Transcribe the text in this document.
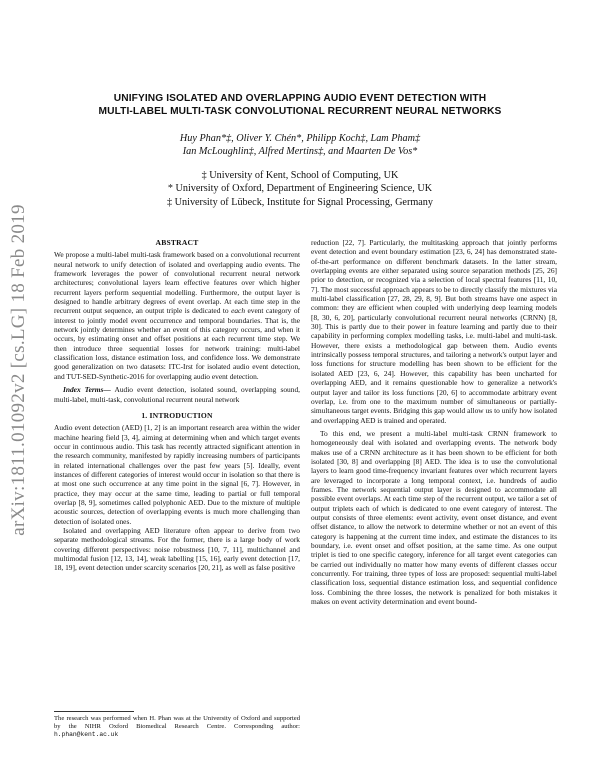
arXiv:1811.01092v2 [cs.LG] 18 Feb 2019
UNIFYING ISOLATED AND OVERLAPPING AUDIO EVENT DETECTION WITH
MULTI-LABEL MULTI-TASK CONVOLUTIONAL RECURRENT NEURAL NETWORKS
Huy Phan*‡, Oliver Y. Chén*, Philipp Koch‡, Lam Pham‡
Ian McLoughlin‡, Alfred Mertins‡, and Maarten De Vos*
‡ University of Kent, School of Computing, UK
* University of Oxford, Department of Engineering Science, UK
‡ University of Lübeck, Institute for Signal Processing, Germany
ABSTRACT

We propose a multi-label multi-task framework based on a convolutional recurrent neural network to unify detection of isolated and overlapping audio events. The framework leverages the power of convolutional recurrent neural network architectures; convolutional layers learn effective features over which higher recurrent layers perform sequential modelling. Furthermore, the output layer is designed to handle arbitrary degrees of event overlap. At each time step in the recurrent output sequence, an output triple is dedicated to each event category of interest to jointly model event occurrence and temporal boundaries. That is, the network jointly determines whether an event of this category occurs, and when it occurs, by estimating onset and offset positions at each recurrent time step. We then introduce three sequential losses for network training: multi-label classification loss, distance estimation loss, and confidence loss. We demonstrate good generalization on two datasets: ITC-Irst for isolated audio event detection, and TUT-SED-Synthetic-2016 for overlapping audio event detection.

Index Terms— Audio event detection, isolated sound, overlapping sound, multi-label, multi-task, convolutional recurrent neural network

1. INTRODUCTION

Audio event detection (AED) [1, 2] is an important research area within the wider machine hearing field [3, 4], aiming at determining when and which target events occur in continuous audio. This task has recently attracted significant attention in the research community, manifested by rapidly increasing numbers of participants in related international challenges over the past few years [5]. Ideally, event instances of different categories of interest would occur in isolation so that there is at most one such occurrence at any time point in the signal [6, 7]. However, in practice, they may occur at the same time, leading to partial or full temporal overlap [8, 9], sometimes called polyphonic AED. Due to the mixture of multiple acoustic sources, detection of overlapping events is much more challenging than detection of isolated ones.

Isolated and overlapping AED literature often appear to derive from two separate methodological streams. For the former, there is a large body of work covering different perspectives: noise robustness [10, 7, 11], multichannel and multimodal fusion [12, 13, 14], weak labelling [15, 16], early event detection [17, 18, 19], event detection under scarcity scenarios [20, 21], as well as false positive

The research was performed when H. Phan was at the University of Oxford and supported by the NIHR Oxford Biomedical Research Centre. Corresponding author: h.phan@kent.ac.uk

reduction [22, 7]. Particularly, the multitasking approach that jointly performs event detection and event boundary estimation [23, 6, 24] has demonstrated state-of-the-art performance on different benchmark datasets. In the latter stream, overlapping events are either separated using source separation methods [25, 26] prior to detection, or recognized via a selection of local spectral features [11, 10, 7]. The most successful approach appears to be to directly classify the mixtures via multi-label classification [27, 28, 29, 8, 9]. But both streams have one aspect in common: they are efficient when coupled with underlying deep learning models [8, 30, 6, 20], particularly convolutional recurrent neural networks (CRNN) [8, 30]. This is partly due to their power in feature learning and partly due to their capability in performing complex modelling tasks, i.e. multi-label and multi-task. However, there exists a methodological gap between them. Audio events intrinsically possess temporal structures, and tailoring a network's output layer and loss functions for structure modelling has been shown to be efficient for the isolated AED [23, 6, 24]. However, this capability has been uncharted for overlapping AED, and it remains questionable how to generalize a network's output layer and tailor its loss functions [20, 6] to accommodate arbitrary event overlap, i.e. from one to the maximum number of simultaneous or partially-simultaneous target events. Bridging this gap would allow us to unify how isolated and overlapping AED is trained and operated.

To this end, we present a multi-label multi-task CRNN framework to homogeneously deal with isolated and overlapping events. The network body makes use of a CRNN architecture as it has been shown to be efficient for both isolated [30, 8] and overlapping [8] AED. The idea is to use the convolutional layers to learn good time-frequency invariant features over which recurrent layers are leveraged to incorporate a long temporal context, i.e. hundreds of audio frames. The network sequential output layer is designed to accommodate all possible event overlaps. At each time step of the recurrent output, we tailor a set of output triplets each of which is dedicated to one event category of interest. The output consists of three elements: event activity, event onset distance, and event offset distance, to allow the network to determine whether or not an event of this category is happening at the current time index, and estimate the distances to its boundary, i.e. event onset and offset position, at the same time. As one output triplet is tied to one specific category, inference for all target event categories can be carried out individually no matter how many events of different classes occur concurrently. For training, three types of loss are proposed: sequential multi-label classification loss, sequential distance estimation loss, and sequential confidence loss. Combining the three losses, the network is penalized for both mistakes it makes on event activity determination and event bound-
